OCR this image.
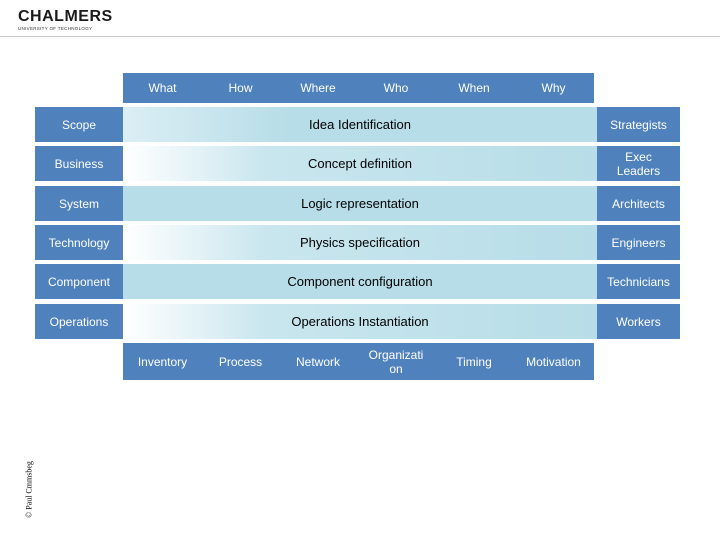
CHALMERS
UNIVERSITY OF TECHNOLOGY
What	How	Where	Who	When	Why
Scope	Idea Identification	Strategists
Business	Concept definition	Exec Leaders
System	Logic representation	Architects
Technology	Physics specification	Engineers
Component	Component configuration	Technicians
Operations	Operations Instantiation	Workers
Inventory	Process	Network	Organizati on	Timing	Motivation
© Paul Cmmsbeg
